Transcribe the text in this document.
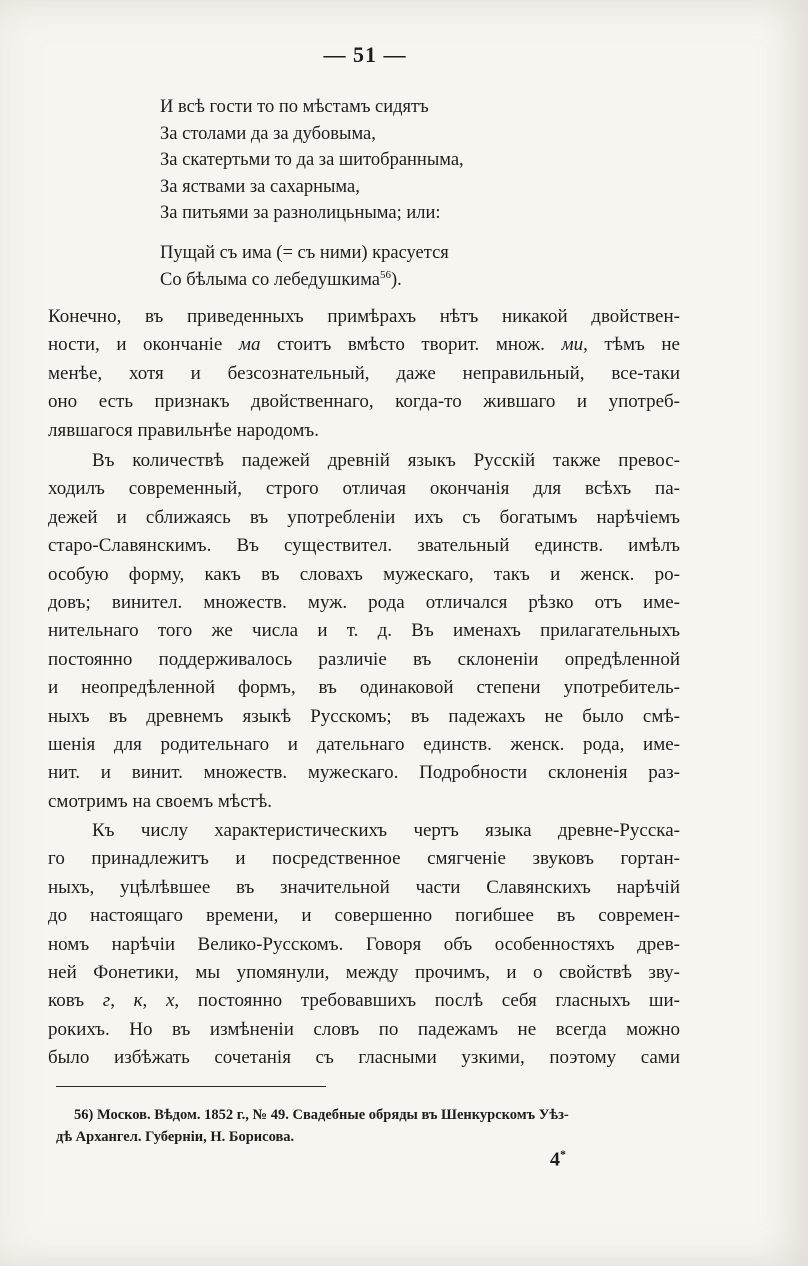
— 51 —
И всѣ гости то по мѣстамъ сидятъ
За столами да за дубовыма,
За скатертьми то да за шитобранныма,
За яствами за сахарныма,
За питьями за разнолицьныма; или:
Пущай съ има (= съ ними) красуется
Со бѣлыма со лебедушкима$^{56}$).
Конечно, въ приведенныхъ примѣрахъ нѣтъ никакой двойствен-
ности, и окончаніе ма стоитъ вмѣсто творит. множ. ми, тѣмъ не
менѣе, хотя и безсознательный, даже неправильный, все-таки
оно есть признакъ двойственнаго, когда-то жившаго и употреб-
лявшагося правильнѣе народомъ.
Въ количествѣ падежей древній языкъ Русскій также превос-
ходилъ современный, строго отличая окончанія для всѣхъ па-
дежей и сближаясь въ употребленіи ихъ съ богатымъ нарѣчіемъ
старо-Славянскимъ. Въ существител. звательный единств. имѣлъ
особую форму, какъ въ словахъ мужескаго, такъ и женск. ро-
довъ; винител. множеств. муж. рода отличался рѣзко отъ име-
нительнаго того же числа и т. д. Въ именахъ прилагательныхъ
постоянно поддерживалось различіе въ склоненіи опредѣленной
и неопредѣленной формъ, въ одинаковой степени употребитель-
ныхъ въ древнемъ языкѣ Русскомъ; въ падежахъ не было смѣ-
шенія для родительнаго и дательнаго единств. женск. рода, име-
нит. и винит. множеств. мужескаго. Подробности склоненія раз-
смотримъ на своемъ мѣстѣ.
Къ числу характеристическихъ чертъ языка древне-Русска-
го принадлежитъ и посредственное смягченіе звуковъ гортан-
ныхъ, уцѣлѣвшее въ значительной части Славянскихъ нарѣчій
до настоящаго времени, и совершенно погибшее въ современ-
номъ нарѣчіи Велико-Русскомъ. Говоря объ особенностяхъ древ-
ней Фонетики, мы упомянули, между прочимъ, и о свойствѣ зву-
ковъ г, к, х, постоянно требовавшихъ послѣ себя гласныхъ ши-
рокихъ. Но въ измѣненіи словъ по падежамъ не всегда можно
было избѣжать сочетанія съ гласными узкими, поэтому сами
56) Москов. Вѣдом. 1852 г., № 49. Свадебные обряды въ Шенкурскомъ Уѣз-
дѣ Архангел. Губерніи, Н. Борисова.
4*
